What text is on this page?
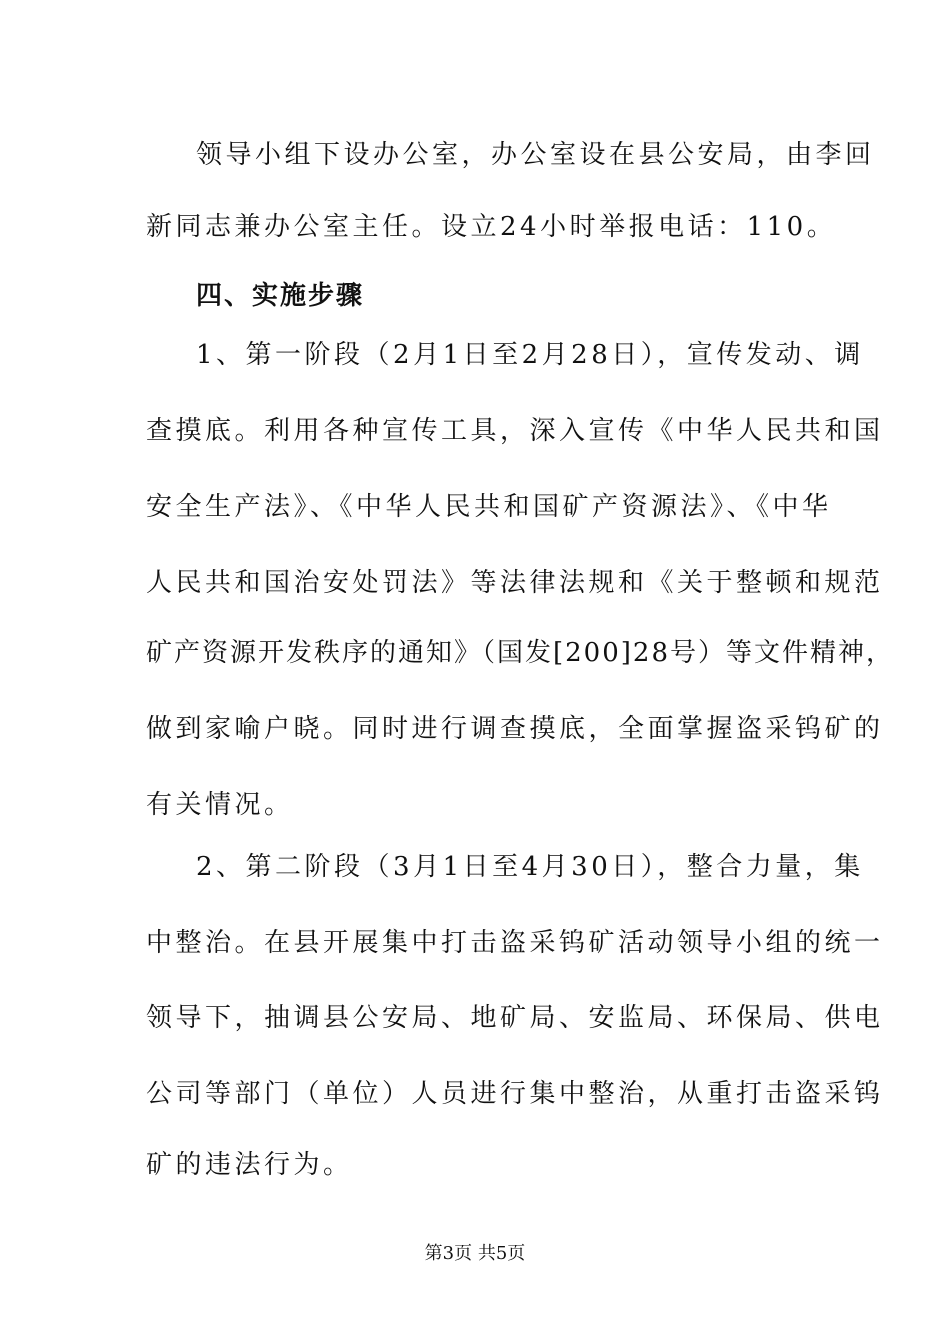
领导小组下设办公室，办公室设在县公安局，由李回
新同志兼办公室主任。设立24小时举报电话：110。
四、实施步骤
1、第一阶段（2月1日至2月28日），宣传发动、调
查摸底。利用各种宣传工具，深入宣传《中华人民共和国
安全生产法》、《中华人民共和国矿产资源法》、《中华
人民共和国治安处罚法》等法律法规和《关于整顿和规范
矿产资源开发秩序的通知》（国发[200]28号）等文件精神，
做到家喻户晓。同时进行调查摸底，全面掌握盗采钨矿的
有关情况。
2、第二阶段（3月1日至4月30日），整合力量，集
中整治。在县开展集中打击盗采钨矿活动领导小组的统一
领导下，抽调县公安局、地矿局、安监局、环保局、供电
公司等部门（单位）人员进行集中整治，从重打击盗采钨
矿的违法行为。
第3页 共5页
